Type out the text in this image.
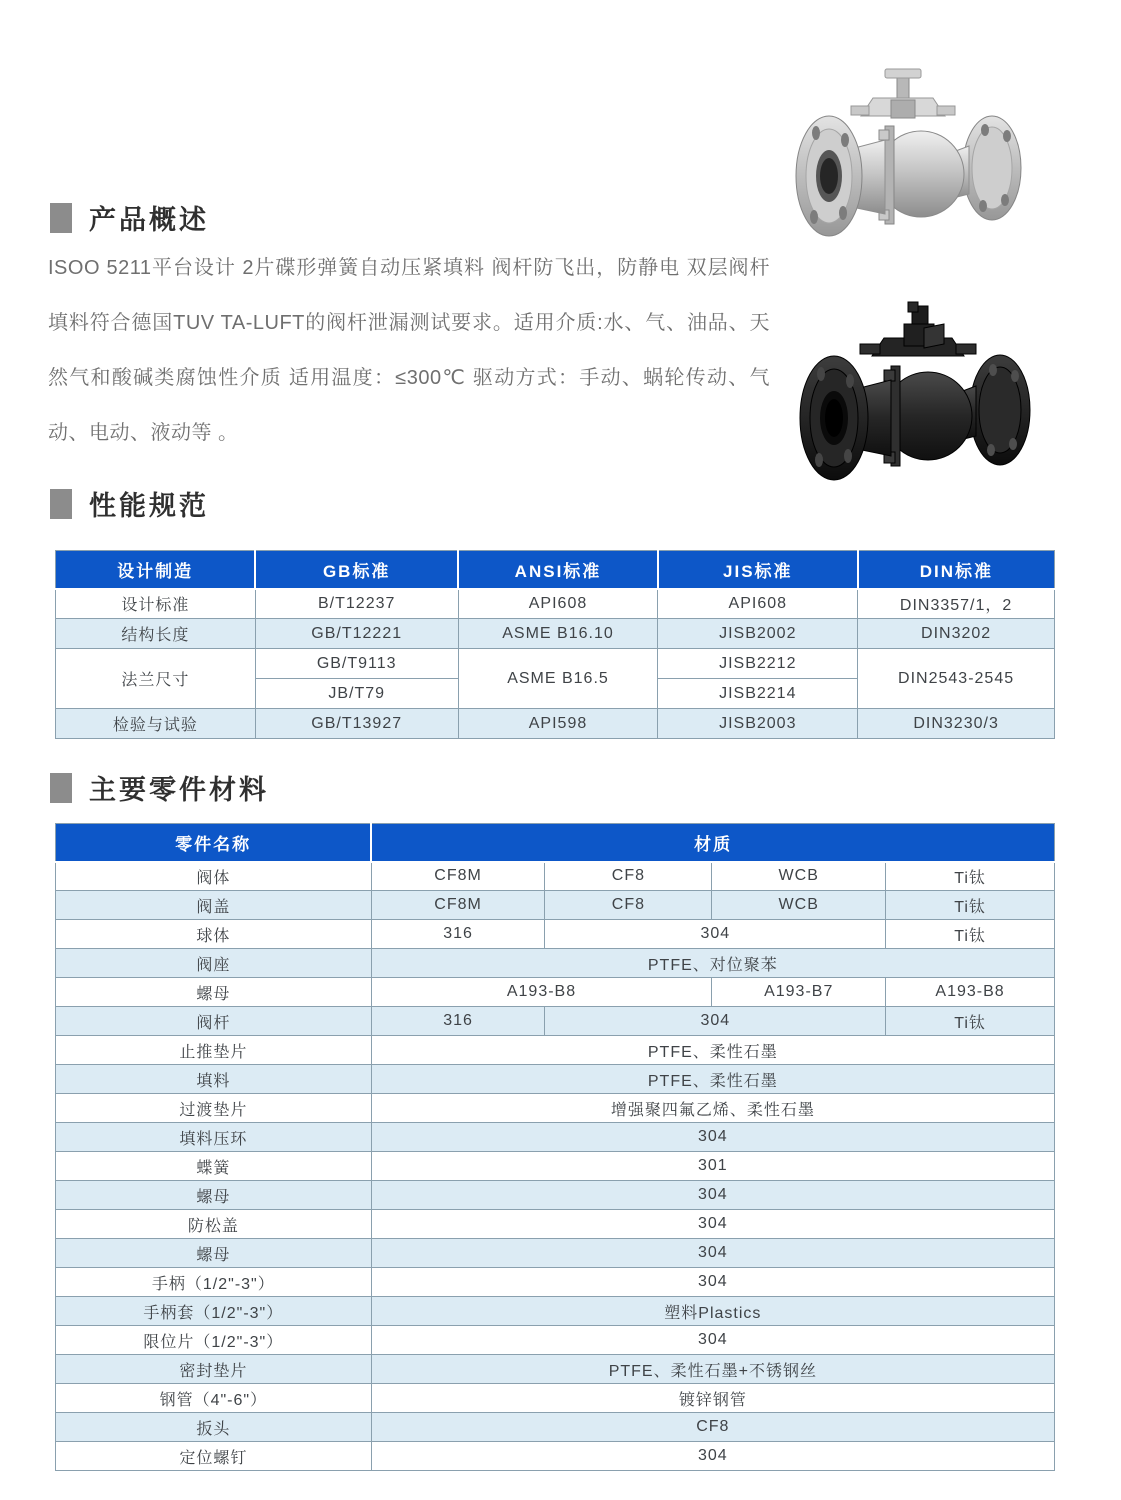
产品概述

ISOO 5211平台设计 2片碟形弹簧自动压紧填料 阀杆防飞出，防静电 双层阀杆填料符合德国TUV TA-LUFT的阀杆泄漏测试要求。适用介质:水、气、油品、天然气和酸碱类腐蚀性介质 适用温度：≤300℃ 驱动方式：手动、蜗轮传动、气动、电动、液动等 。

性能规范
设计制造	GB标准	ANSI标准	JIS标准	DIN标准
设计标准	B/T12237	API608	API608	DIN3357/1，2
结构长度	GB/T12221	ASME B16.10	JISB2002	DIN3202
法兰尺寸	GB/T9113	ASME B16.5	JISB2212	DIN2543-2545
	JB/T79		JISB2214	
检验与试验	GB/T13927	API598	JISB2003	DIN3230/3
主要零件材料
零件名称	材质			
阀体	CF8M	CF8	WCB	Ti钛
阀盖	CF8M	CF8	WCB	Ti钛
球体	316	304		Ti钛
阀座	PTFE、对位聚苯			
螺母	A193-B8		A193-B7	A193-B8
阀杆	316	304		Ti钛
止推垫片	PTFE、柔性石墨			
填料	PTFE、柔性石墨			
过渡垫片	增强聚四氟乙烯、柔性石墨			
填料压环	304			
蝶簧	301			
螺母	304			
防松盖	304			
螺母	304			
手柄（1/2"-3"）	304			
手柄套（1/2"-3"）	塑料Plastics			
限位片（1/2"-3"）	304			
密封垫片	PTFE、柔性石墨+不锈钢丝			
钢管（4"-6"）	镀锌钢管			
扳头	CF8			
定位螺钉	304			
